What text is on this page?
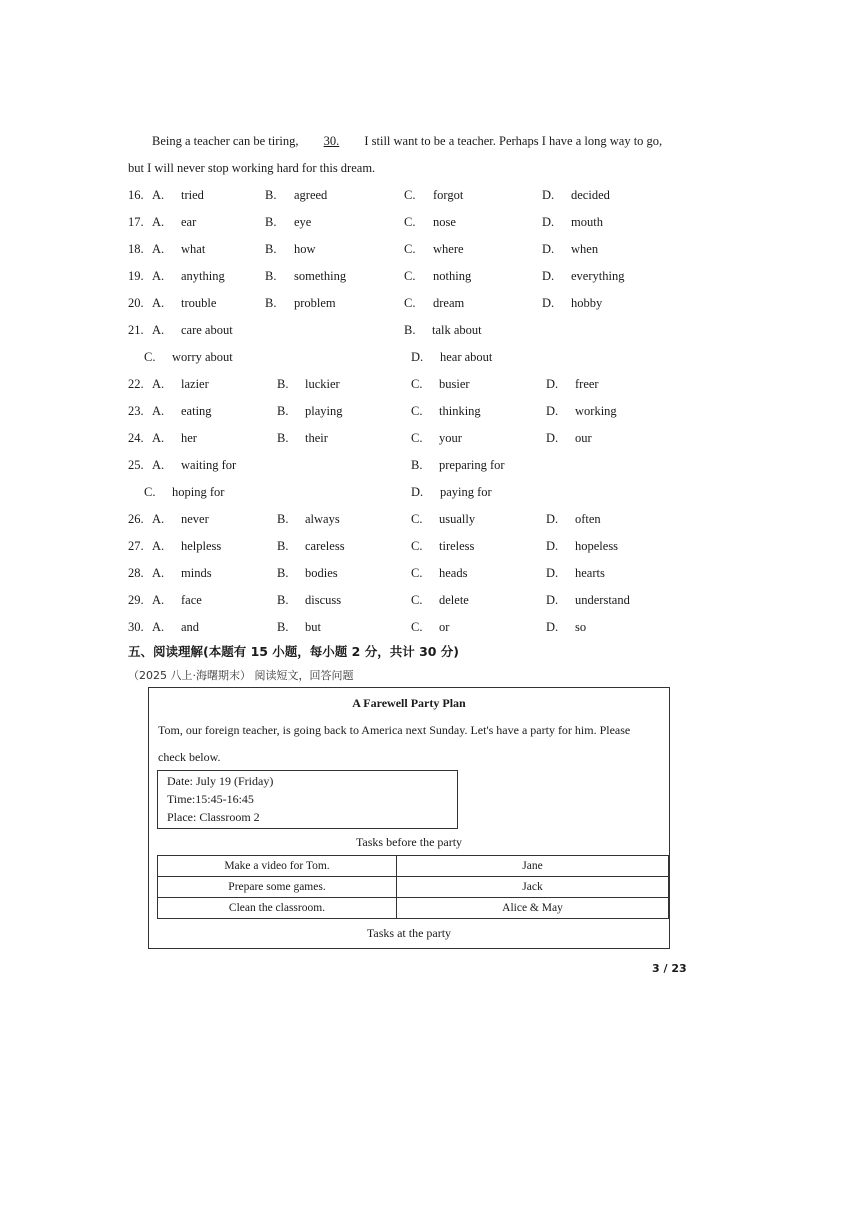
Being a teacher can be tiring, 30. I still want to be a teacher. Perhaps I have a long way to go,
but I will never stop working hard for this dream.
16. A. tried	B. agreed	C. forgot	D. decided
17. A. ear	B. eye	C. nose	D. mouth
18. A. what	B. how	C. where	D. when
19. A. anything	B. something	C. nothing	D. everything
20. A. trouble	B. problem	C. dream	D. hobby
21. A. care about	B. talk about
C. worry about	D. hear about
22. A. lazier	B. luckier	C. busier	D. freer
23. A. eating	B. playing	C. thinking	D. working
24. A. her	B. their	C. your	D. our
25. A. waiting for	B. preparing for
C. hoping for	D. paying for
26. A. never	B. always	C. usually	D. often
27. A. helpless	B. careless	C. tireless	D. hopeless
28. A. minds	B. bodies	C. heads	D. hearts
29. A. face	B. discuss	C. delete	D. understand
30. A. and	B. but	C. or	D. so
五、阅读理解(本题有 15 小题，每小题 2 分，共计 30 分)
（2025 八上·海曙期末） 阅读短文，回答问题
A Farewell Party Plan
Tom, our foreign teacher, is going back to America next Sunday. Let's have a party for him. Please
check below.
Date: July 19 (Friday)
Time:15:45-16:45
Place: Classroom 2
Tasks before the party
Make a video for Tom.	Jane
Prepare some games.	Jack
Clean the classroom.	Alice & May
Tasks at the party
3 / 23
